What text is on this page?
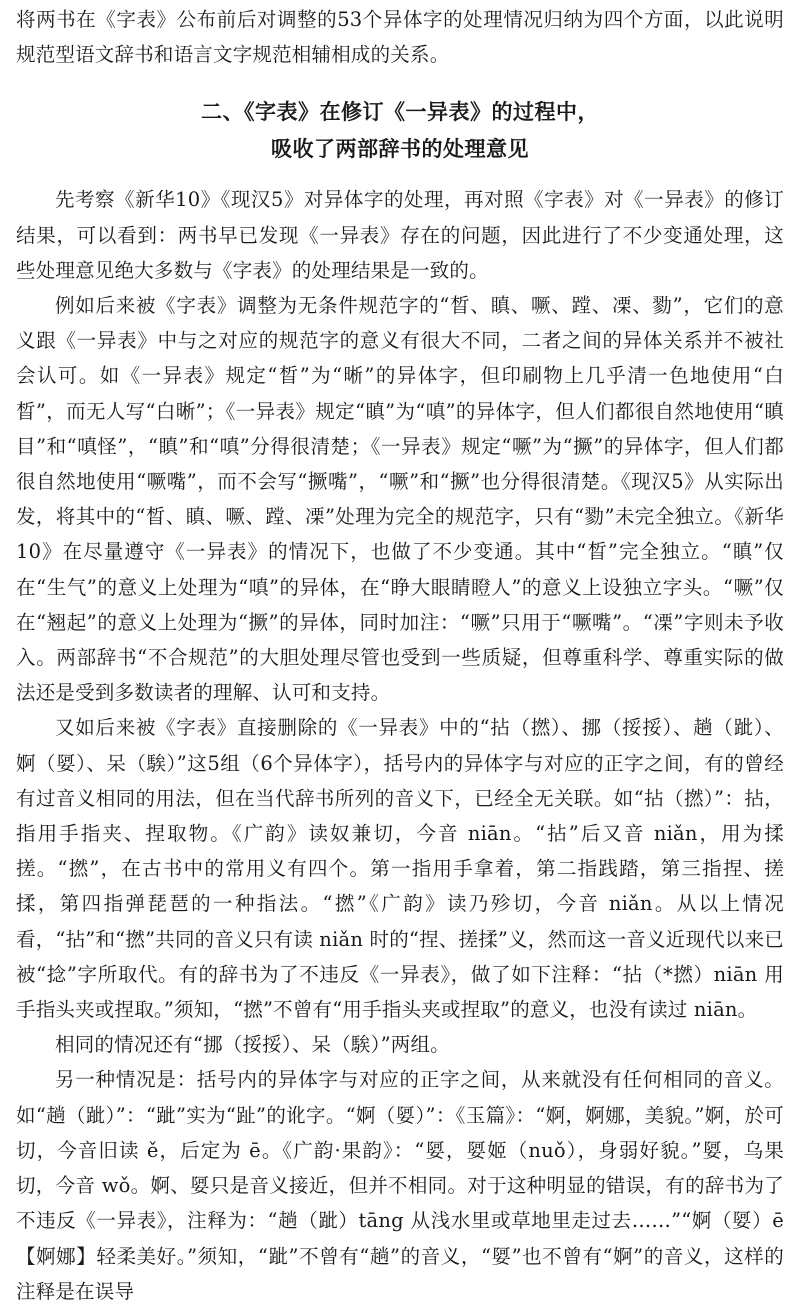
将两书在《字表》公布前后对调整的53个异体字的处理情况归纳为四个方面，以此说明规范型语文辞书和语言文字规范相辅相成的关系。

二、《字表》在修订《一异表》的过程中，
吸收了两部辞书的处理意见

先考察《新华10》《现汉5》对异体字的处理，再对照《字表》对《一异表》的修订结果，可以看到：两书早已发现《一异表》存在的问题，因此进行了不少变通处理，这些处理意见绝大多数与《字表》的处理结果是一致的。

例如后来被《字表》调整为无条件规范字的“晳、瞋、噘、蹚、凓、勠”，它们的意义跟《一异表》中与之对应的规范字的意义有很大不同，二者之间的异体关系并不被社会认可。如《一异表》规定“晳”为“晰”的异体字，但印刷物上几乎清一色地使用“白晳”，而无人写“白晰”；《一异表》规定“瞋”为“嗔”的异体字，但人们都很自然地使用“瞋目”和“嗔怪”，“瞋”和“嗔”分得很清楚；《一异表》规定“噘”为“撅”的异体字，但人们都很自然地使用“噘嘴”，而不会写“撅嘴”，“噘”和“撅”也分得很清楚。《现汉5》从实际出发，将其中的“晳、瞋、噘、蹚、凓”处理为完全的规范字，只有“勠”未完全独立。《新华10》在尽量遵守《一异表》的情况下，也做了不少变通。其中“晳”完全独立。“瞋”仅在“生气”的意义上处理为“嗔”的异体，在“睁大眼睛瞪人”的意义上设独立字头。“噘”仅在“翘起”的意义上处理为“撅”的异体，同时加注：“噘”只用于“噘嘴”。“凓”字则未予收入。两部辞书“不合规范”的大胆处理尽管也受到一些质疑，但尊重科学、尊重实际的做法还是受到多数读者的理解、认可和支持。

又如后来被《字表》直接删除的《一异表》中的“拈（撚）、挪（挼挼）、趟（跐）、婀（娿）、呆（騃）”这5组（6个异体字），括号内的异体字与对应的正字之间，有的曾经有过音义相同的用法，但在当代辞书所列的音义下，已经全无关联。如“拈（撚）”：拈，指用手指夹、捏取物。《广韵》读奴兼切，今音 niān。“拈”后又音 niǎn，用为揉搓。“撚”，在古书中的常用义有四个。第一指用手拿着，第二指践踏，第三指捏、搓揉，第四指弹琵琶的一种指法。“撚”《广韵》读乃殄切，今音 niǎn。从以上情况看，“拈”和“撚”共同的音义只有读 niǎn 时的“捏、搓揉”义，然而这一音义近现代以来已被“捻”字所取代。有的辞书为了不违反《一异表》，做了如下注释：“拈（*撚）niān 用手指头夹或捏取。”须知，“撚”不曾有“用手指头夹或捏取”的意义，也没有读过 niān。

相同的情况还有“挪（挼挼）、呆（騃）”两组。

另一种情况是：括号内的异体字与对应的正字之间，从来就没有任何相同的音义。如“趟（跐）”：“跐”实为“趾”的讹字。“婀（娿）”：《玉篇》：“婀，婀娜，美貌。”婀，於可切，今音旧读 ě，后定为 ē。《广韵·果韵》：“娿，娿姬（nuǒ），身弱好貌。”娿，乌果切，今音 wǒ。婀、娿只是音义接近，但并不相同。对于这种明显的错误，有的辞书为了不违反《一异表》，注释为：“趟（跐）tāng 从浅水里或草地里走过去……”“婀（娿）ē【婀娜】轻柔美好。”须知，“跐”不曾有“趟”的音义，“娿”也不曾有“婀”的音义，这样的注释是在误导
